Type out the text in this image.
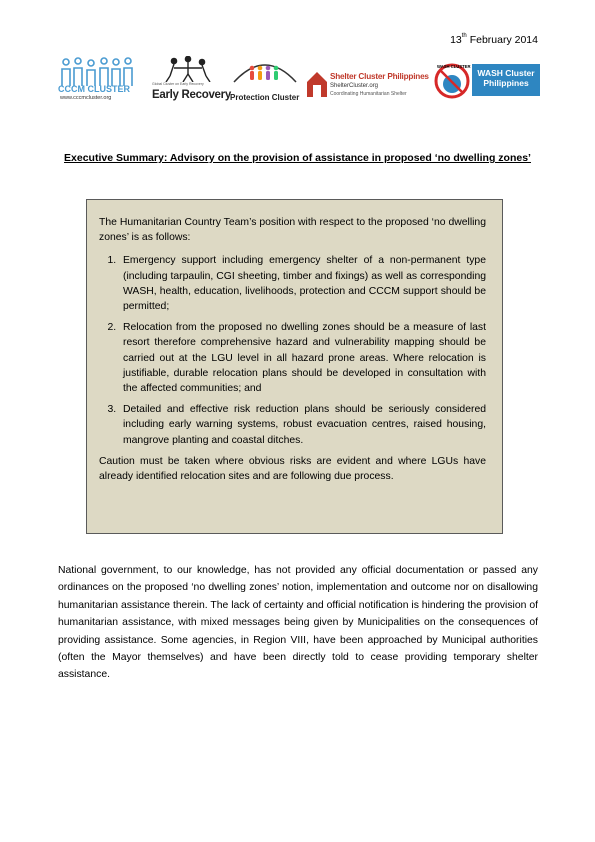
13th February 2014
CCCM CLUSTER
www.cccmcluster.org
Global Cluster on Early Recovery
Early Recovery Protection Cluster
Shelter Cluster Philippines
ShelterCluster.org
Coordinating Humanitarian Shelter
WASH CLUSTER
WASH Cluster
Philippines
Executive Summary: Advisory on the provision of assistance in proposed ‘no dwelling zones’

The Humanitarian Country Team’s position with respect to the proposed ‘no dwelling zones’ is as follows:

1. Emergency support including emergency shelter of a non-permanent type (including tarpaulin, CGI sheeting, timber and fixings) as well as corresponding WASH, health, education, livelihoods, protection and CCCM support should be permitted;
2. Relocation from the proposed no dwelling zones should be a measure of last resort therefore comprehensive hazard and vulnerability mapping should be carried out at the LGU level in all hazard prone areas. Where relocation is justifiable, durable relocation plans should be developed in consultation with the affected communities; and
3. Detailed and effective risk reduction plans should be seriously considered including early warning systems, robust evacuation centres, raised housing, mangrove planting and coastal ditches.

Caution must be taken where obvious risks are evident and where LGUs have already identified relocation sites and are following due process.

National government, to our knowledge, has not provided any official documentation or passed any ordinances on the proposed ‘no dwelling zones’ notion, implementation and outcome nor on disallowing humanitarian assistance therein. The lack of certainty and official notification is hindering the provision of humanitarian assistance, with mixed messages being given by Municipalities on the consequences of providing assistance. Some agencies, in Region VIII, have been approached by Municipal authorities (often the Mayor themselves) and have been directly told to cease providing temporary shelter assistance.
